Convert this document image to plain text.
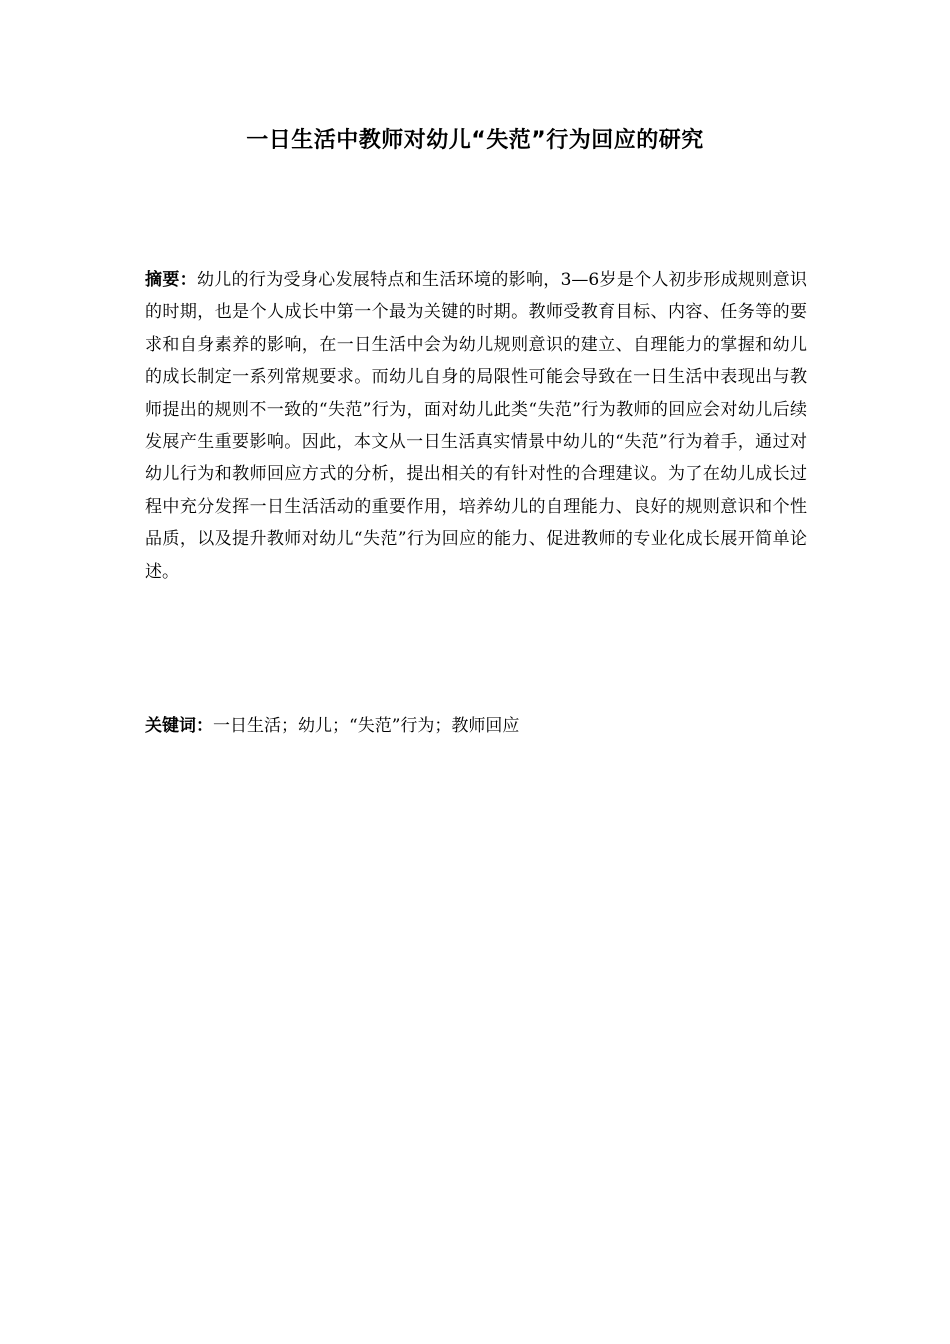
一日生活中教师对幼儿“失范”行为回应的研究

摘要：幼儿的行为受身心发展特点和生活环境的影响，3—6岁是个人初步形成规则意识的时期，也是个人成长中第一个最为关键的时期。教师受教育目标、内容、任务等的要求和自身素养的影响，在一日生活中会为幼儿规则意识的建立、自理能力的掌握和幼儿的成长制定一系列常规要求。而幼儿自身的局限性可能会导致在一日生活中表现出与教师提出的规则不一致的“失范”行为，面对幼儿此类“失范”行为教师的回应会对幼儿后续发展产生重要影响。因此，本文从一日生活真实情景中幼儿的“失范”行为着手，通过对幼儿行为和教师回应方式的分析，提出相关的有针对性的合理建议。为了在幼儿成长过程中充分发挥一日生活活动的重要作用，培养幼儿的自理能力、良好的规则意识和个性品质，以及提升教师对幼儿“失范”行为回应的能力、促进教师的专业化成长展开简单论述。

关键词：一日生活；幼儿；“失范”行为；教师回应
